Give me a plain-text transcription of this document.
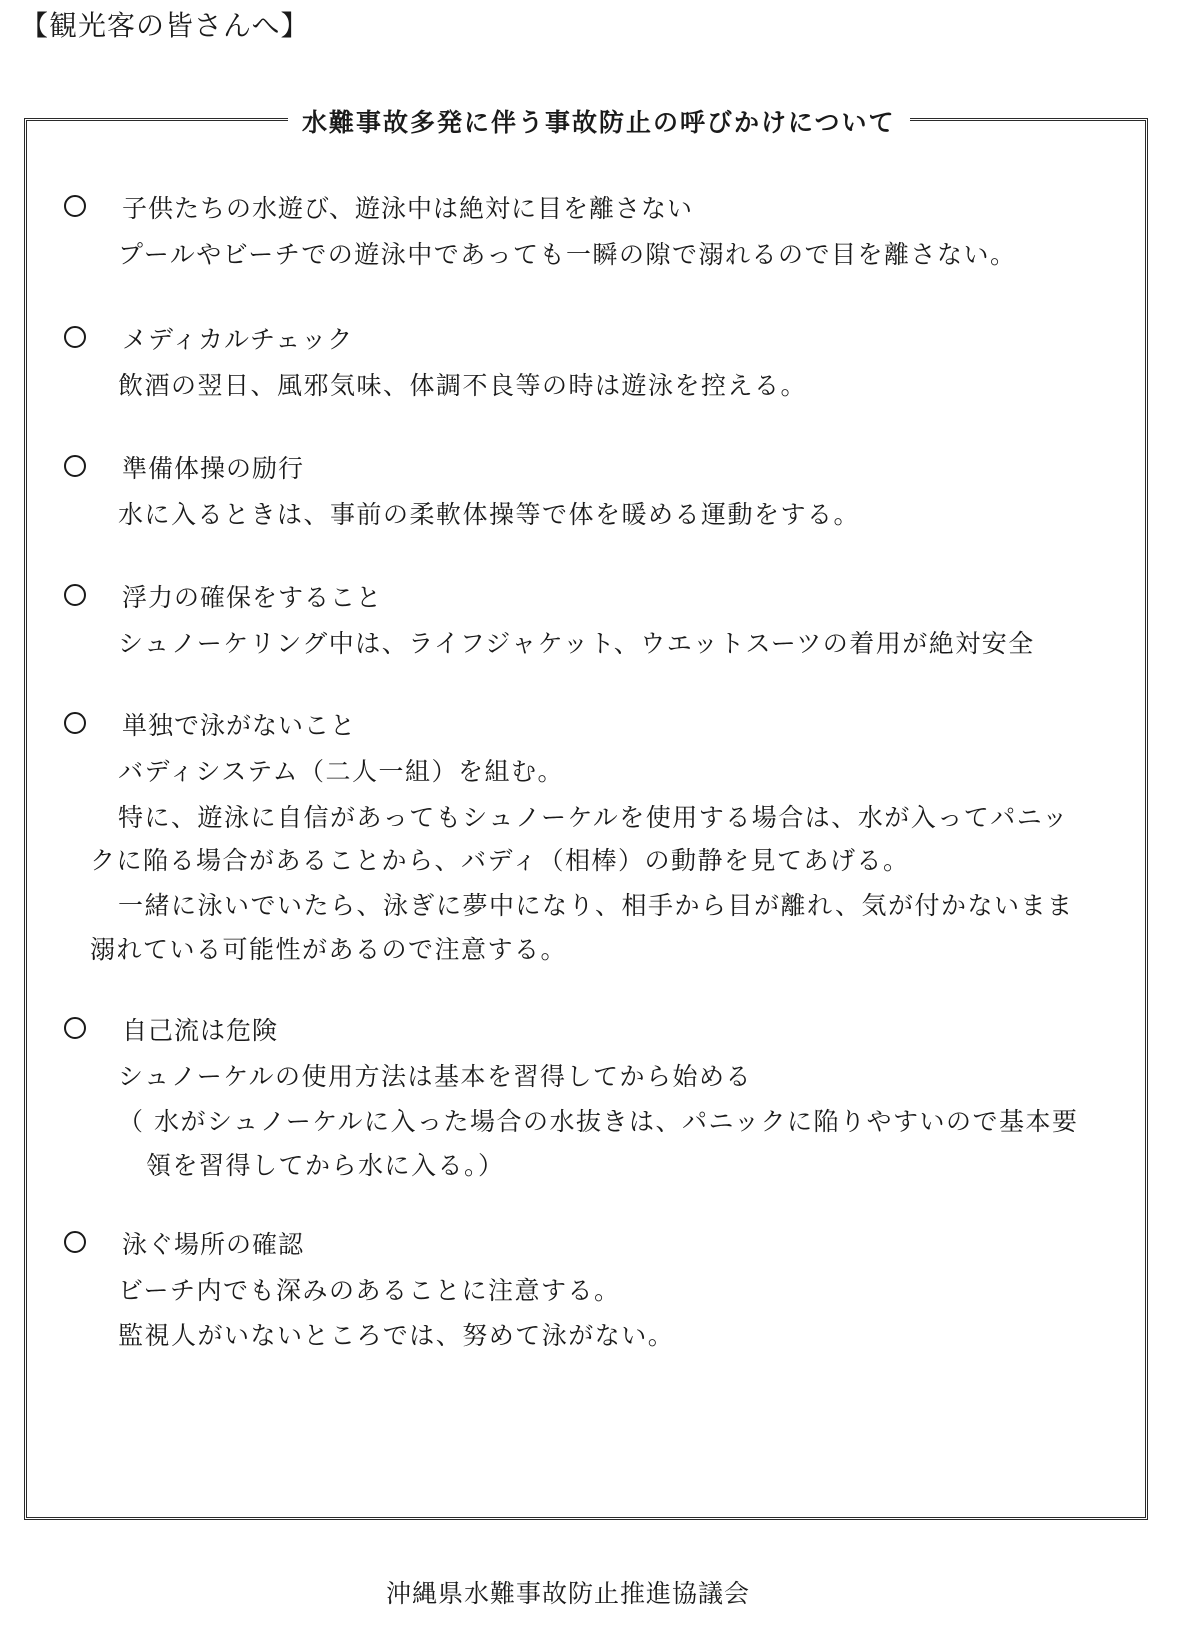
【観光客の皆さんへ】
水難事故多発に伴う事故防止の呼びかけについて
子供たちの水遊び、遊泳中は絶対に目を離さない
プールやビーチでの遊泳中であっても一瞬の隙で溺れるので目を離さない。
メディカルチェック
飲酒の翌日、風邪気味、体調不良等の時は遊泳を控える。
準備体操の励行
水に入るときは、事前の柔軟体操等で体を暖める運動をする。
浮力の確保をすること
シュノーケリング中は、ライフジャケット、ウエットスーツの着用が絶対安全
単独で泳がないこと
バディシステム（二人一組）を組む。
特に、遊泳に自信があってもシュノーケルを使用する場合は、水が入ってパニッ
クに陥る場合があることから、バディ（相棒）の動静を見てあげる。
一緒に泳いでいたら、泳ぎに夢中になり、相手から目が離れ、気が付かないまま
溺れている可能性があるので注意する。
自己流は危険
シュノーケルの使用方法は基本を習得してから始める
（ 水がシュノーケルに入った場合の水抜きは、パニックに陥りやすいので基本要
領を習得してから水に入る。）
泳ぐ場所の確認
ビーチ内でも深みのあることに注意する。
監視人がいないところでは、努めて泳がない。
沖縄県水難事故防止推進協議会
